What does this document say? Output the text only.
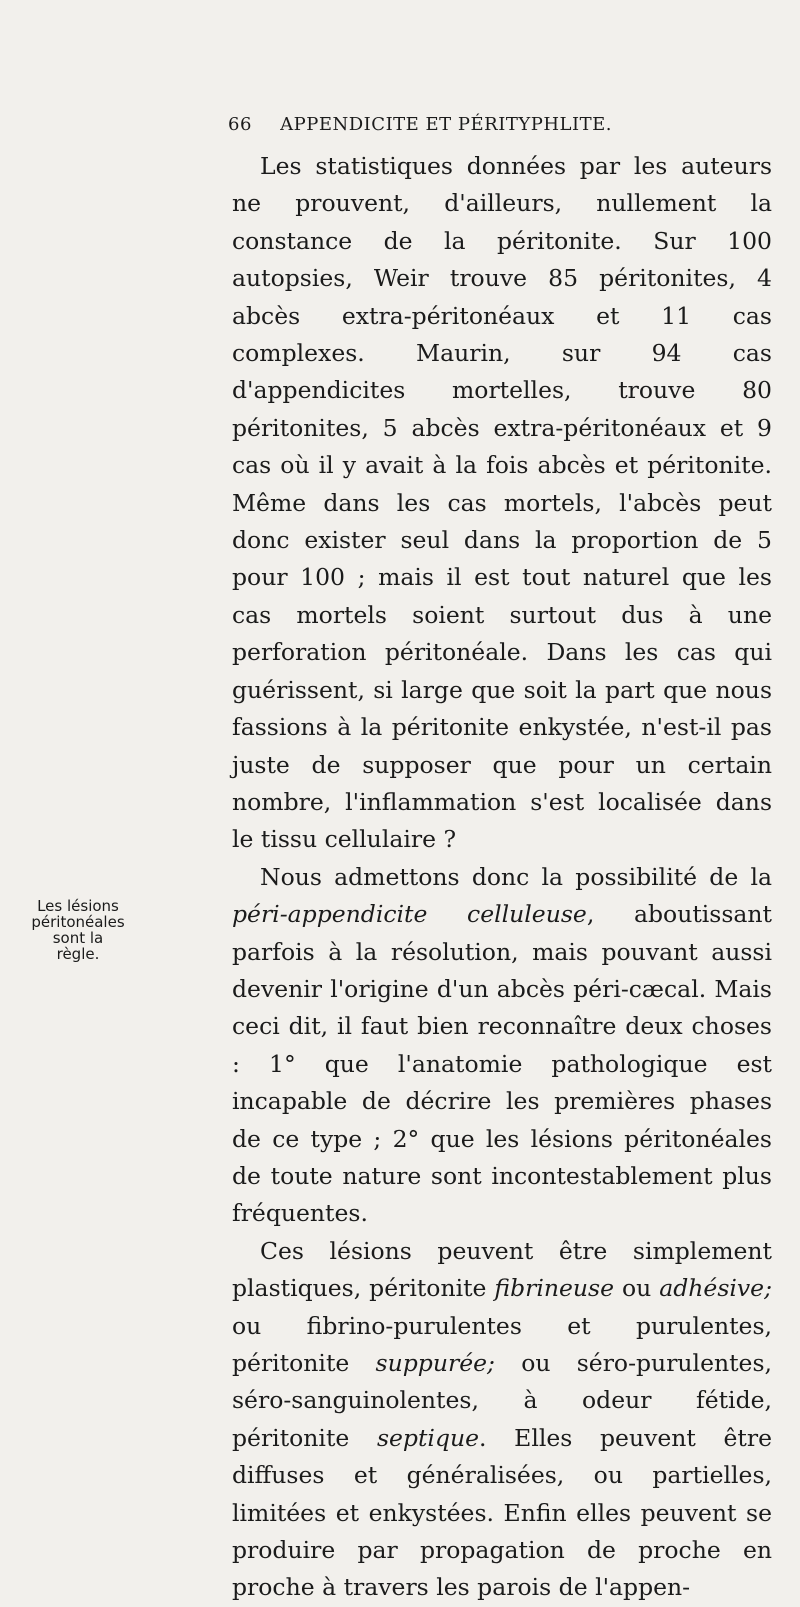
66 APPENDICITE ET PÉRITYPHLITE.

Les statistiques données par les auteurs ne prouvent, d'ailleurs, nullement la constance de la péritonite. Sur 100 autopsies, Weir trouve 85 péritonites, 4 abcès extra-péritonéaux et 11 cas complexes. Maurin, sur 94 cas d'appendicites mortelles, trouve 80 péritonites, 5 abcès extra-péritonéaux et 9 cas où il y avait à la fois abcès et péritonite. Même dans les cas mortels, l'abcès peut donc exister seul dans la proportion de 5 pour 100 ; mais il est tout naturel que les cas mortels soient surtout dus à une perforation péritonéale. Dans les cas qui guérissent, si large que soit la part que nous fassions à la péritonite enkystée, n'est-il pas juste de supposer que pour un certain nombre, l'inflammation s'est localisée dans le tissu cellulaire ?

Nous admettons donc la possibilité de la péri-appendicite celluleuse, aboutissant parfois à la résolution, mais pouvant aussi devenir l'origine d'un abcès péri-cæcal. Mais ceci dit, il faut bien reconnaître deux choses : 1° que l'anatomie pathologique est incapable de décrire les premières phases de ce type ; 2° que les lésions péritonéales de toute nature sont incontestablement plus fréquentes.

Ces lésions peuvent être simplement plastiques, péritonite fibrineuse ou adhésive; ou fibrino-purulentes et purulentes, péritonite suppurée; ou séro-purulentes, séro-sanguinolentes, à odeur fétide, péritonite septique. Elles peuvent être diffuses et généralisées, ou partielles, limitées et enkystées. Enfin elles peuvent se produire par propagation de proche en proche à travers les parois de l'appen-

Les lésions péritonéales sont la règle.
